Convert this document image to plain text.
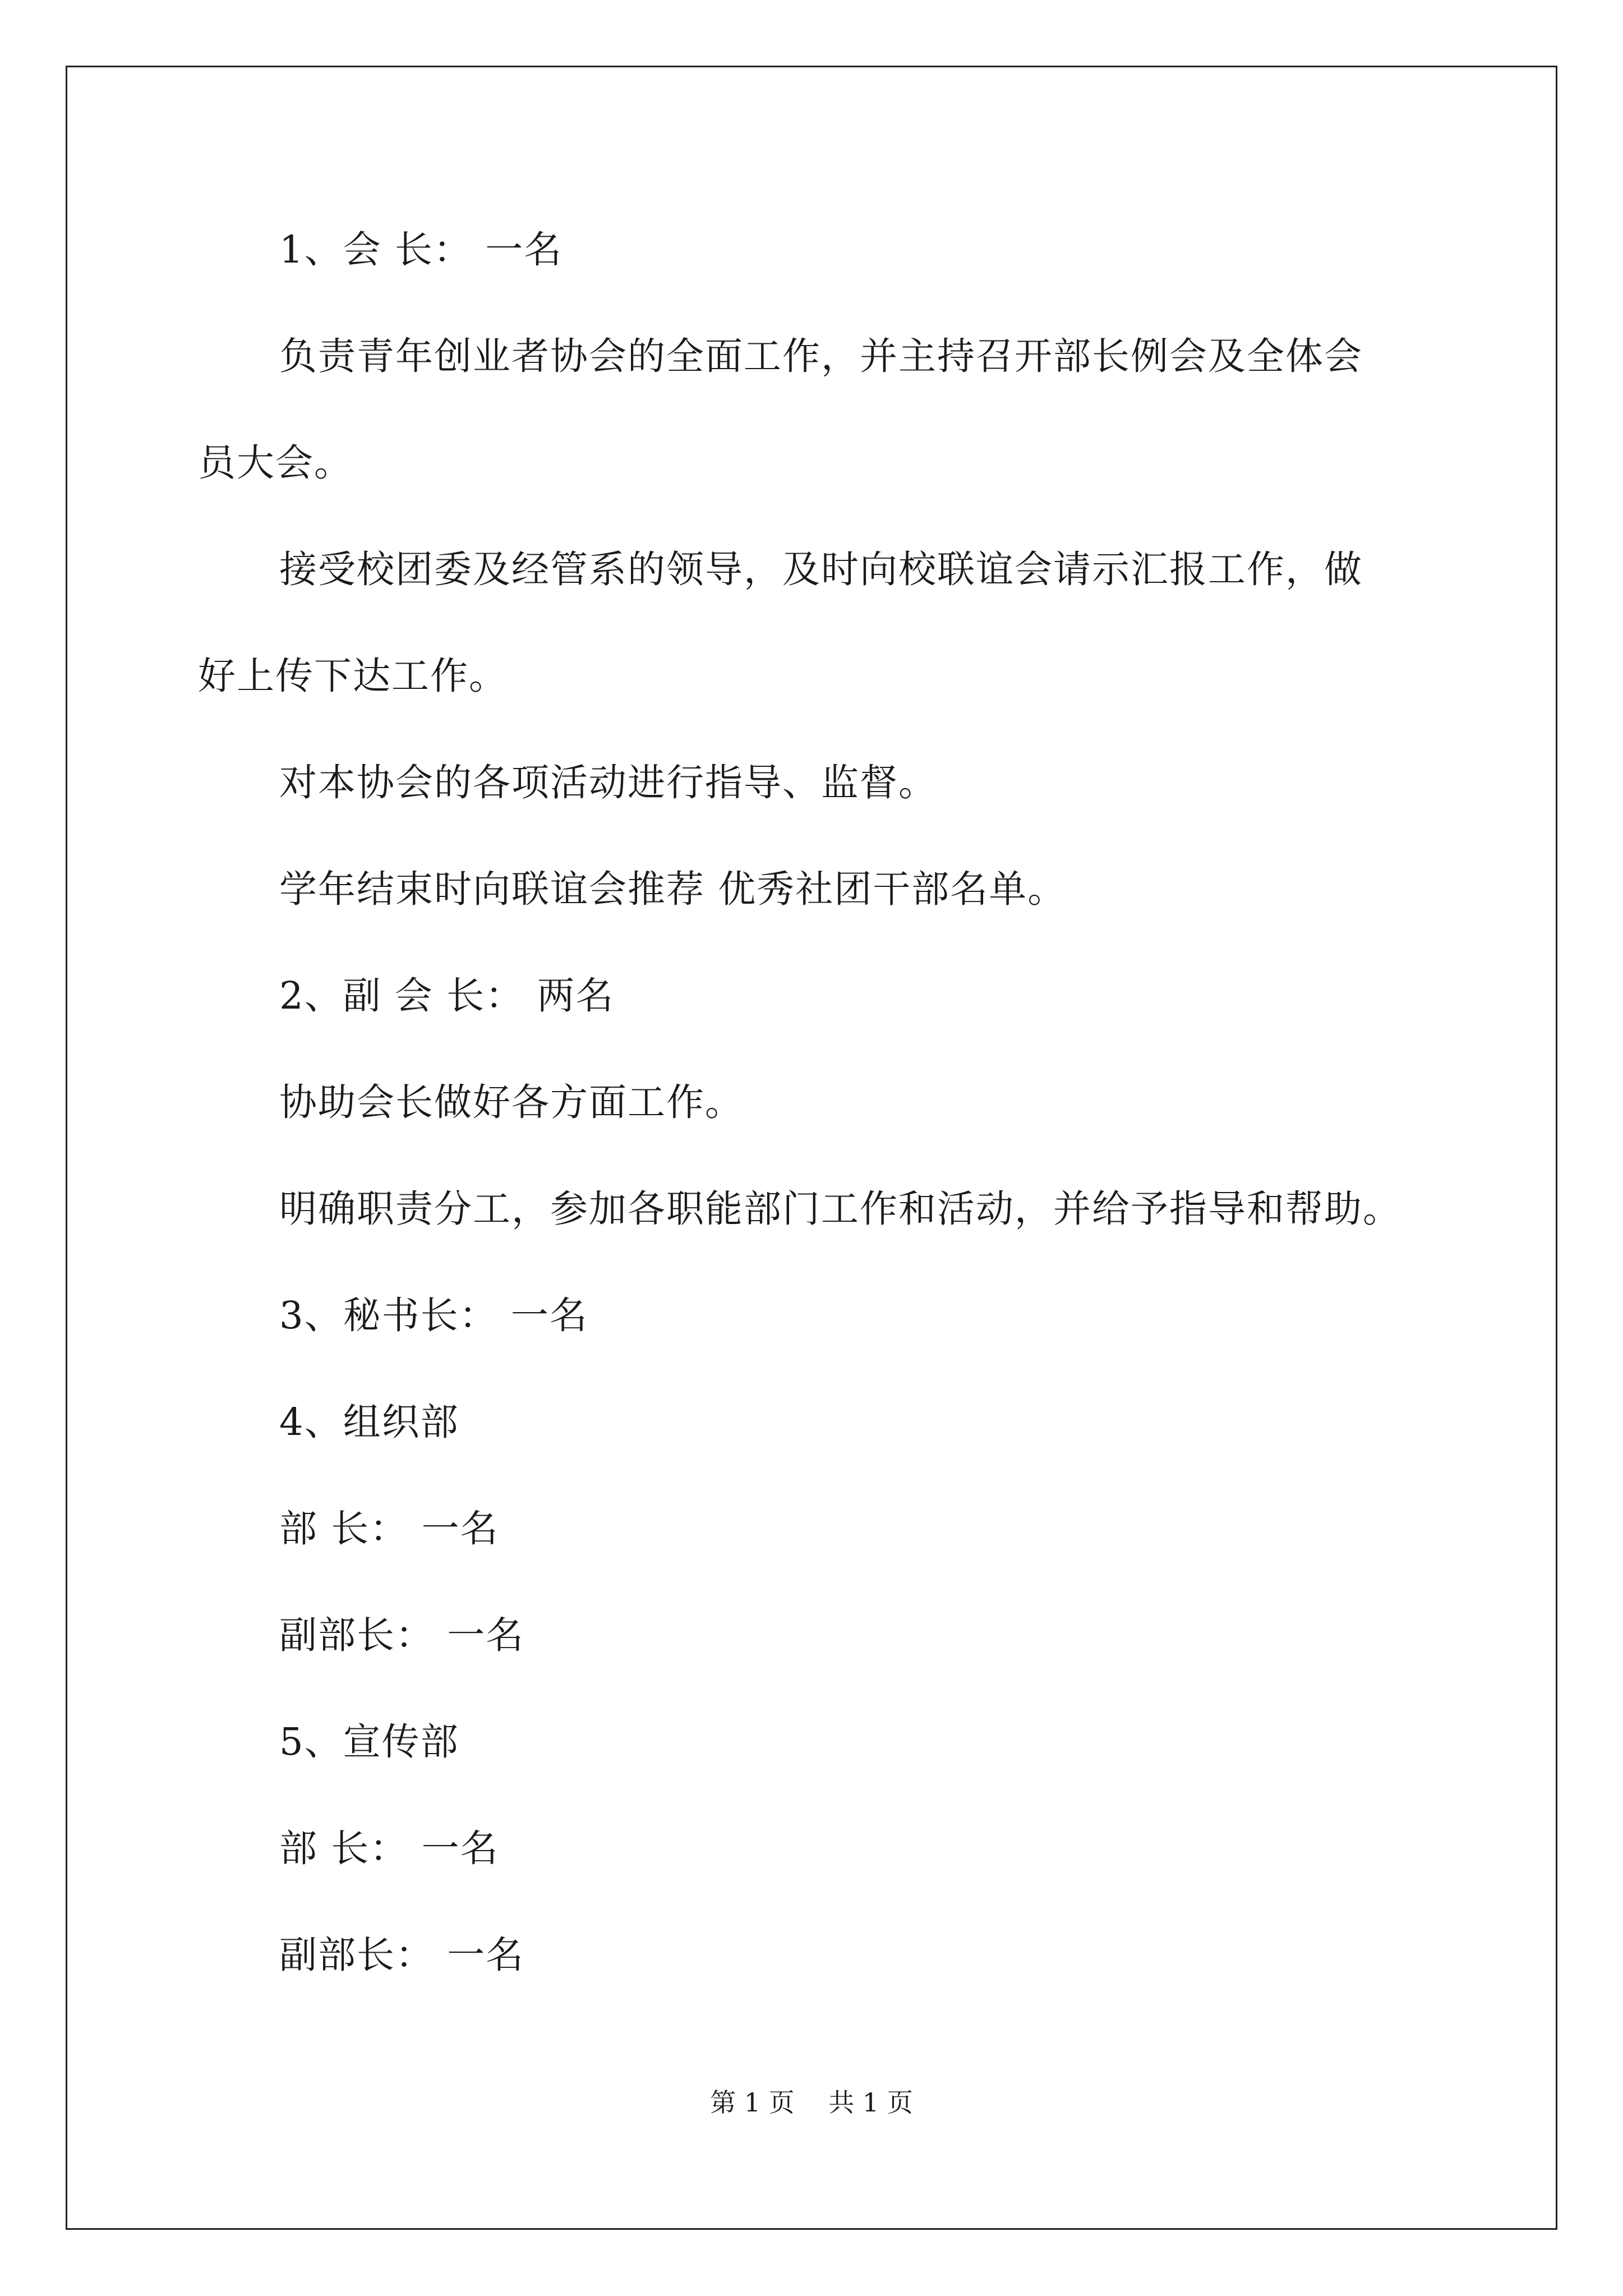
1、会 长： 一名
负责青年创业者协会的全面工作，并主持召开部长例会及全体会
员大会。
接受校团委及经管系的领导，及时向校联谊会请示汇报工作，做
好上传下达工作。
对本协会的各项活动进行指导、监督。
学年结束时向联谊会推荐 优秀社团干部名单。
2、副 会 长： 两名
协助会长做好各方面工作。
明确职责分工，参加各职能部门工作和活动，并给予指导和帮助。
3、秘书长： 一名
4、组织部
部 长： 一名
副部长： 一名
5、宣传部
部 长： 一名
副部长： 一名
第 1 页　 共 1 页
